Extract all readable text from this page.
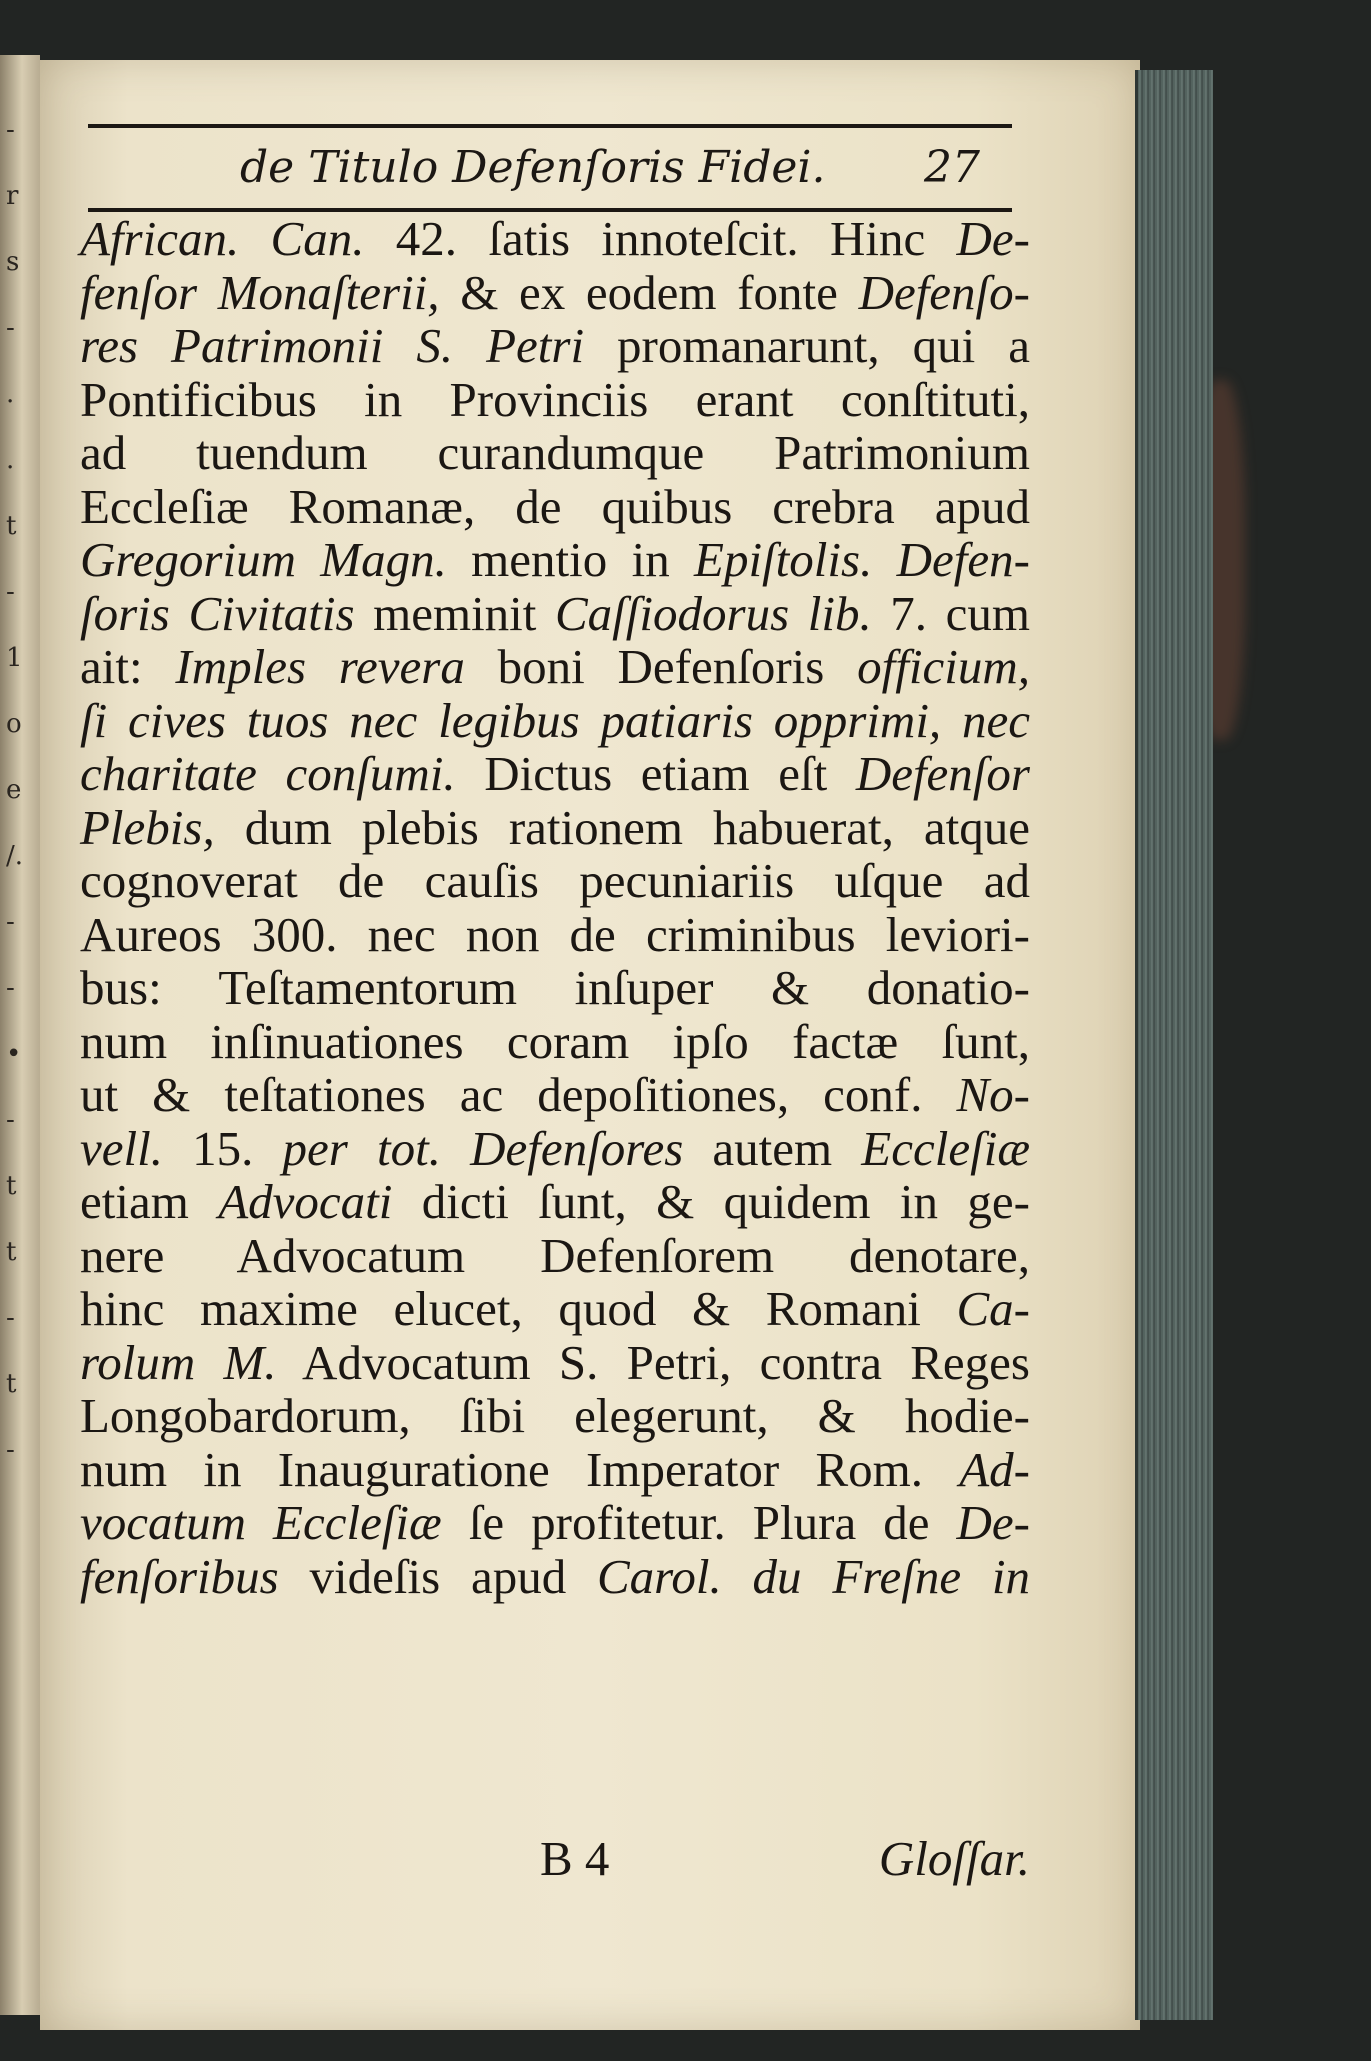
-
r
s
-
.
.
t
-
1
o
e
/.
-
-
•
-
t
t
-
t
-
de Titulo Defenſoris Fidei. 27
African. Can. 42. ſatis innoteſcit. Hinc De-
fenſor Monaſterii, & ex eodem fonte Defenſo-
res Patrimonii S. Petri promanarunt, qui a
Pontificibus in Provinciis erant conſtituti,
ad tuendum curandumque Patrimonium
Eccleſiæ Romanæ, de quibus crebra apud
Gregorium Magn. mentio in Epiſtolis. Defen-
ſoris Civitatis meminit Caſſiodorus lib. 7. cum
ait: Imples revera boni Defenſoris officium,
ſi cives tuos nec legibus patiaris opprimi, nec
charitate conſumi. Dictus etiam eſt Defenſor
Plebis, dum plebis rationem habuerat, atque
cognoverat de cauſis pecuniariis uſque ad
Aureos 300. nec non de criminibus leviori-
bus: Teſtamentorum inſuper & donatio-
num inſinuationes coram ipſo factæ ſunt,
ut & teſtationes ac depoſitiones, conf. No-
vell. 15. per tot. Defenſores autem Eccleſiæ
etiam Advocati dicti ſunt, & quidem in ge-
nere Advocatum Defenſorem denotare,
hinc maxime elucet, quod & Romani Ca-
rolum M. Advocatum S. Petri, contra Reges
Longobardorum, ſibi elegerunt, & hodie-
num in Inauguratione Imperator Rom. Ad-
vocatum Eccleſiæ ſe profitetur. Plura de De-
fenſoribus videſis apud Carol. du Freſne in
B 4	Gloſſar.
